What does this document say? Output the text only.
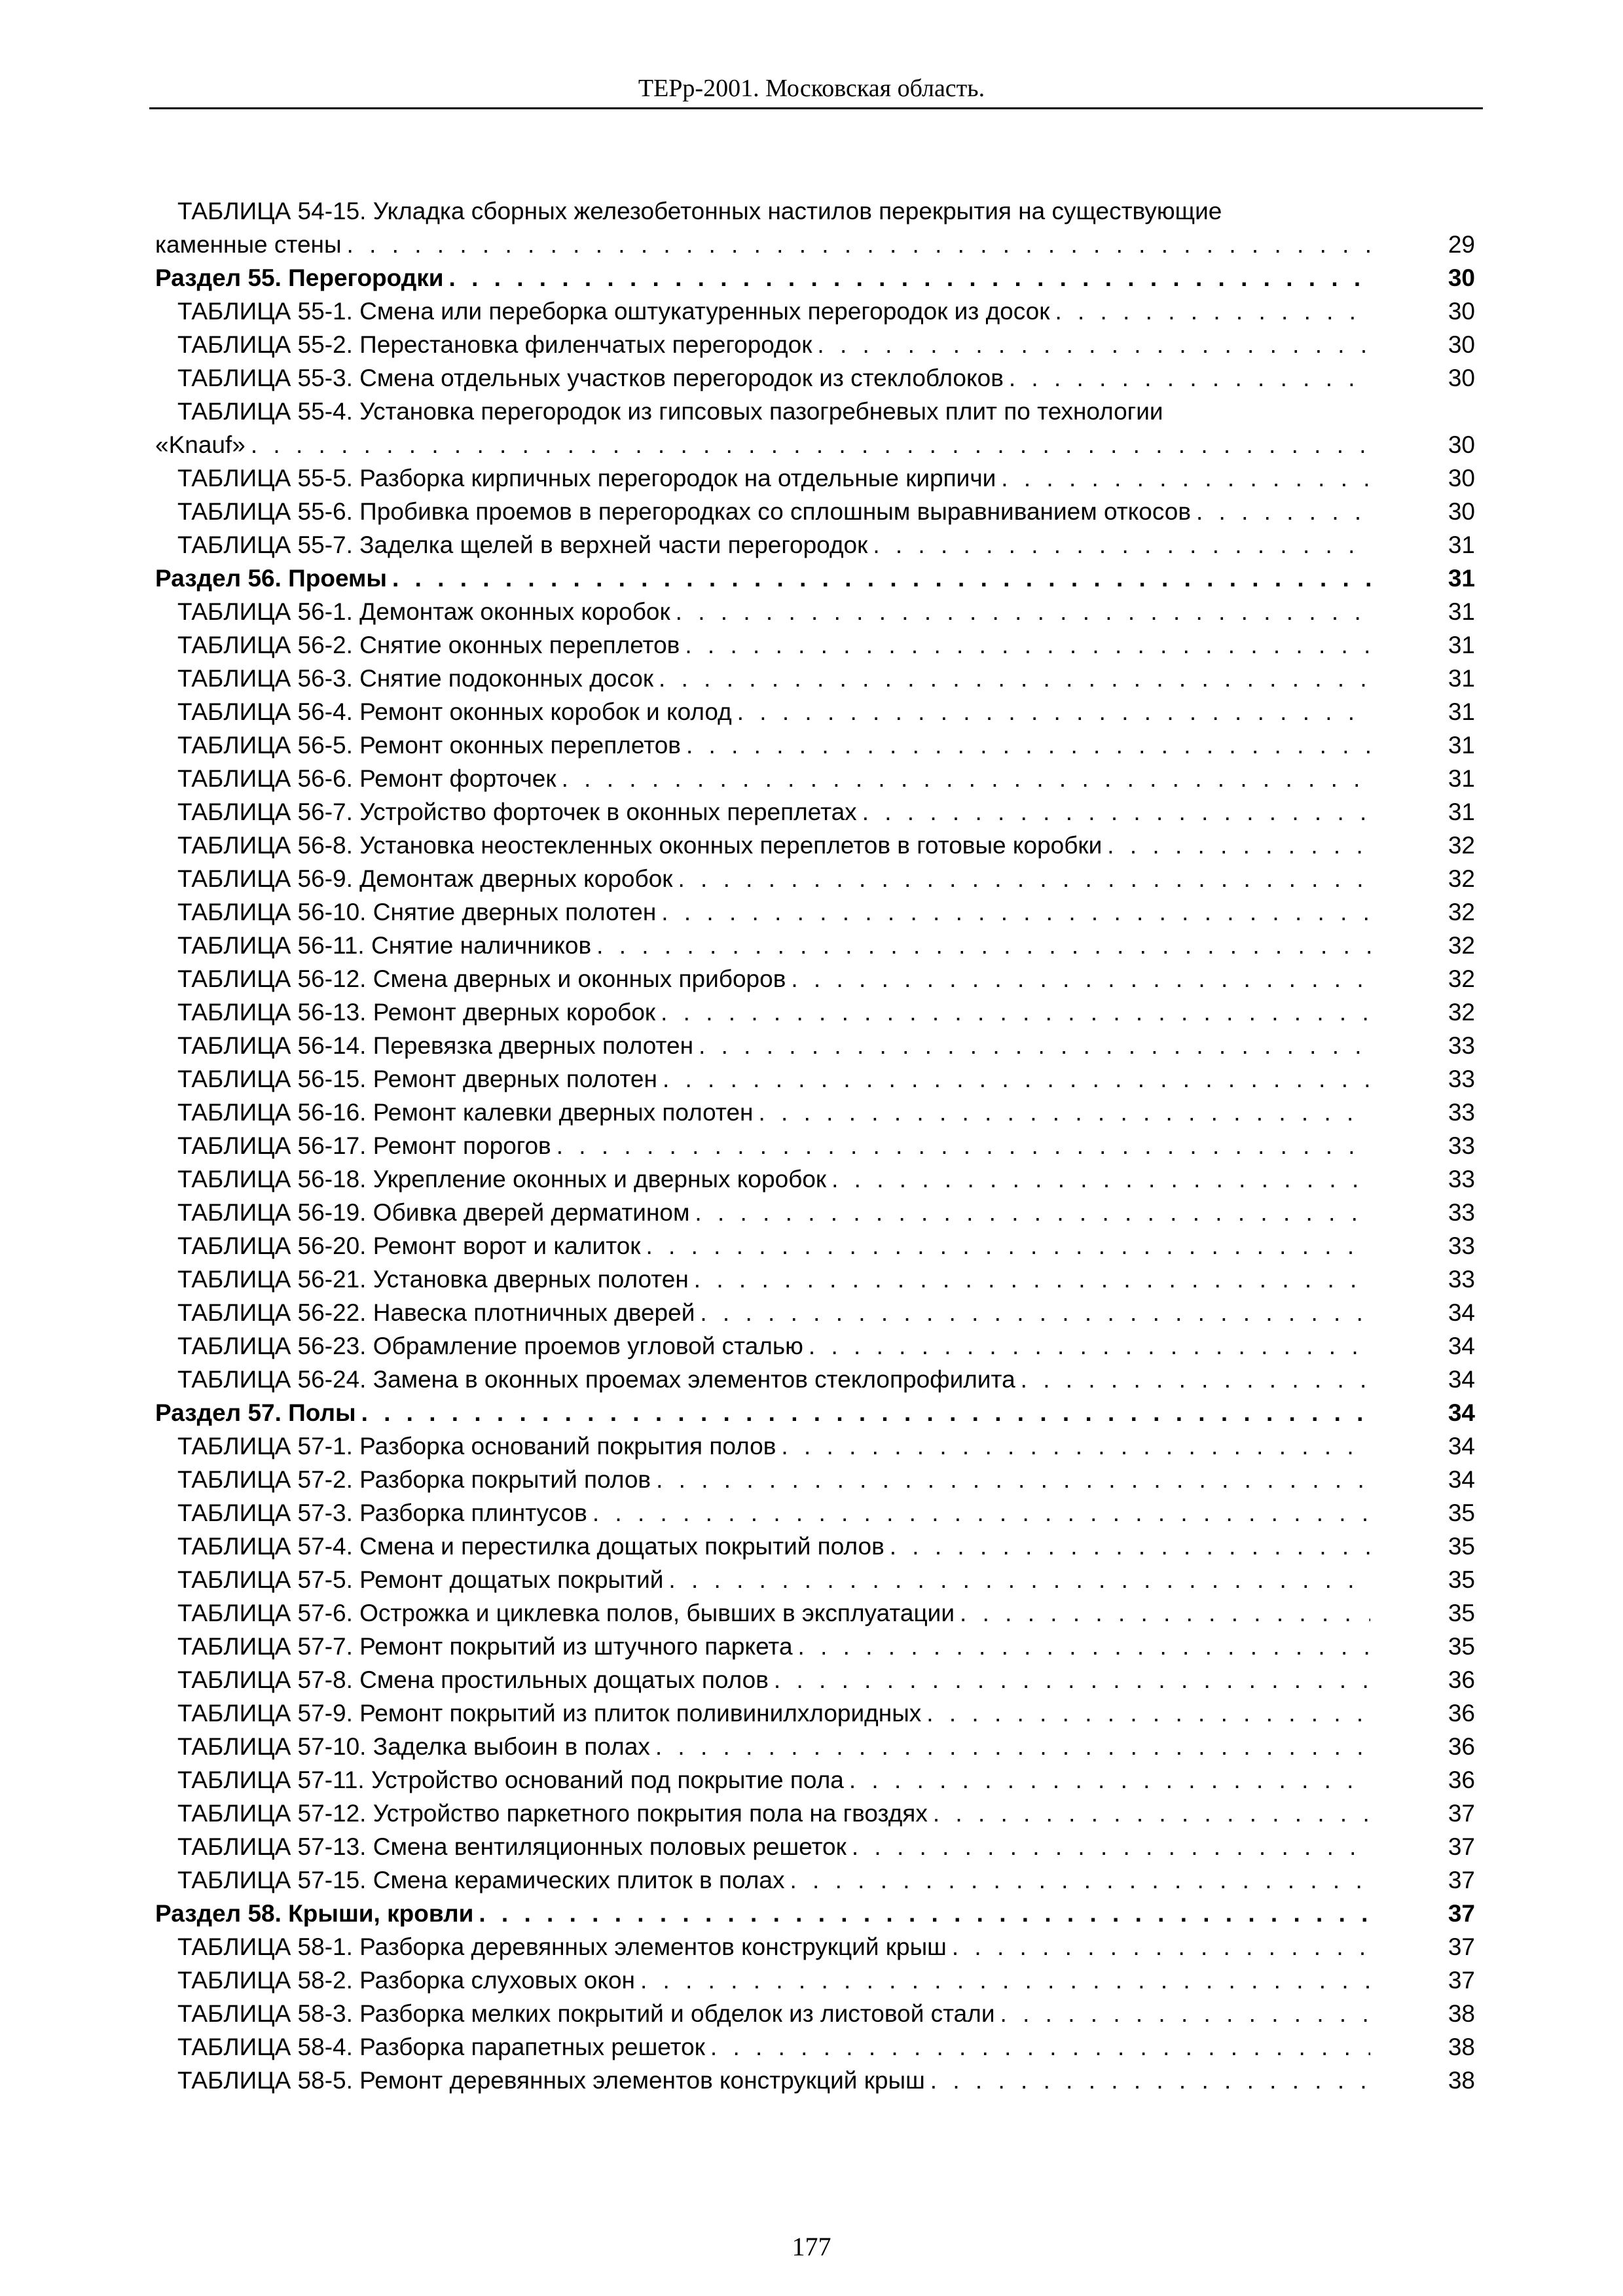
ТЕРр-2001. Московская область.
ТАБЛИЦА 54-15. Укладка сборных железобетонных настилов перекрытия на существующие
каменные стены . . .	29
Раздел 55. Перегородки . . .	30
ТАБЛИЦА 55-1. Смена или переборка оштукатуренных перегородок из досок . . .	30
ТАБЛИЦА 55-2. Перестановка филенчатых перегородок . . .	30
ТАБЛИЦА 55-3. Смена отдельных участков перегородок из стеклоблоков . . .	30
ТАБЛИЦА 55-4. Установка перегородок из гипсовых пазогребневых плит по технологии
«Knauf» . . .	30
ТАБЛИЦА 55-5. Разборка кирпичных перегородок на отдельные кирпичи . . .	30
ТАБЛИЦА 55-6. Пробивка проемов в перегородках со сплошным выравниванием откосов . . .	30
ТАБЛИЦА 55-7. Заделка щелей в верхней части перегородок . . .	31
Раздел 56. Проемы . . .	31
ТАБЛИЦА 56-1. Демонтаж оконных коробок . . .	31
ТАБЛИЦА 56-2. Снятие оконных переплетов . . .	31
ТАБЛИЦА 56-3. Снятие подоконных досок . . .	31
ТАБЛИЦА 56-4. Ремонт оконных коробок и колод . . .	31
ТАБЛИЦА 56-5. Ремонт оконных переплетов . . .	31
ТАБЛИЦА 56-6. Ремонт форточек . . .	31
ТАБЛИЦА 56-7. Устройство форточек в оконных переплетах . . .	31
ТАБЛИЦА 56-8. Установка неостекленных оконных переплетов в готовые коробки . . .	32
ТАБЛИЦА 56-9. Демонтаж дверных коробок . . .	32
ТАБЛИЦА 56-10. Снятие дверных полотен . . .	32
ТАБЛИЦА 56-11. Снятие наличников . . .	32
ТАБЛИЦА 56-12. Смена дверных и оконных приборов . . .	32
ТАБЛИЦА 56-13. Ремонт дверных коробок . . .	32
ТАБЛИЦА 56-14. Перевязка дверных полотен . . .	33
ТАБЛИЦА 56-15. Ремонт дверных полотен . . .	33
ТАБЛИЦА 56-16. Ремонт калевки дверных полотен . . .	33
ТАБЛИЦА 56-17. Ремонт порогов . . .	33
ТАБЛИЦА 56-18. Укрепление оконных и дверных коробок . . .	33
ТАБЛИЦА 56-19. Обивка дверей дерматином . . .	33
ТАБЛИЦА 56-20. Ремонт ворот и калиток . . .	33
ТАБЛИЦА 56-21. Установка дверных полотен . . .	33
ТАБЛИЦА 56-22. Навеска плотничных дверей . . .	34
ТАБЛИЦА 56-23. Обрамление проемов угловой сталью . . .	34
ТАБЛИЦА 56-24. Замена в оконных проемах элементов стеклопрофилита . . .	34
Раздел 57. Полы . . .	34
ТАБЛИЦА 57-1. Разборка оснований покрытия полов . . .	34
ТАБЛИЦА 57-2. Разборка покрытий полов . . .	34
ТАБЛИЦА 57-3. Разборка плинтусов . . .	35
ТАБЛИЦА 57-4. Смена и перестилка дощатых покрытий полов . . .	35
ТАБЛИЦА 57-5. Ремонт дощатых покрытий . . .	35
ТАБЛИЦА 57-6. Острожка и циклевка полов, бывших в эксплуатации . . .	35
ТАБЛИЦА 57-7. Ремонт покрытий из штучного паркета . . .	35
ТАБЛИЦА 57-8. Смена простильных дощатых полов . . .	36
ТАБЛИЦА 57-9. Ремонт покрытий из плиток поливинилхлоридных . . .	36
ТАБЛИЦА 57-10. Заделка выбоин в полах . . .	36
ТАБЛИЦА 57-11. Устройство оснований под покрытие пола . . .	36
ТАБЛИЦА 57-12. Устройство паркетного покрытия пола на гвоздях . . .	37
ТАБЛИЦА 57-13. Смена вентиляционных половых решеток . . .	37
ТАБЛИЦА 57-15. Смена керамических плиток в полах . . .	37
Раздел 58. Крыши, кровли . . .	37
ТАБЛИЦА 58-1. Разборка деревянных элементов конструкций крыш . . .	37
ТАБЛИЦА 58-2. Разборка слуховых окон . . .	37
ТАБЛИЦА 58-3. Разборка мелких покрытий и обделок из листовой стали . . .	38
ТАБЛИЦА 58-4. Разборка парапетных решеток . . .	38
ТАБЛИЦА 58-5. Ремонт деревянных элементов конструкций крыш . . .	38
177
